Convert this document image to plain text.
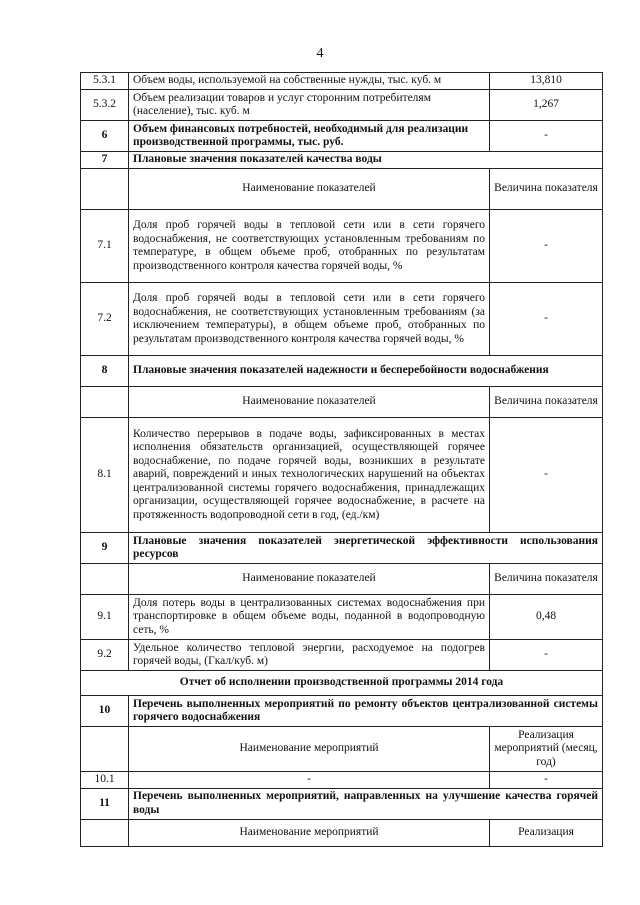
4
5.3.1	Объем воды, используемой на собственные нужды, тыс. куб. м	13,810
5.3.2	Объем реализации товаров и услуг сторонним потребителям (население), тыс. куб. м	1,267
6	Объем финансовых потребностей, необходимый для реализации производственной программы, тыс. руб.	-
7	Плановые значения показателей качества воды	
	Наименование показателей	Величина показателя
7.1	Доля проб горячей воды в тепловой сети или в сети горячего водоснабжения, не соответствующих установленным требованиям по температуре, в общем объеме проб, отобранных по результатам производственного контроля качества горячей воды, %	-
7.2	Доля проб горячей воды в тепловой сети или в сети горячего водоснабжения, не соответствующих установленным требованиям (за исключением температуры), в общем объеме проб, отобранных по результатам производственного контроля качества горячей воды, %	-
8	Плановые значения показателей надежности и бесперебойности водоснабжения	
	Наименование показателей	Величина показателя
8.1	Количество перерывов в подаче воды, зафиксированных в местах исполнения обязательств организацией, осуществляющей горячее водоснабжение, по подаче горячей воды, возникших в результате аварий, повреждений и иных технологических нарушений на объектах централизованной системы горячего водоснабжения, принадлежащих организации, осуществляющей горячее водоснабжение, в расчете на протяженность водопроводной сети в год, (ед./км)	-
9	Плановые значения показателей энергетической эффективности использования ресурсов	
	Наименование показателей	Величина показателя
9.1	Доля потерь воды в централизованных системах водоснабжения при транспортировке в общем объеме воды, поданной в водопроводную сеть, %	0,48
9.2	Удельное количество тепловой энергии, расходуемое на подогрев горячей воды, (Гкал/куб. м)	-
Отчет об исполнении производственной программы 2014 года		
10	Перечень выполненных мероприятий по ремонту объектов централизованной системы горячего водоснабжения	
	Наименование мероприятий	Реализация мероприятий (месяц, год)
10.1	-	-
11	Перечень выполненных мероприятий, направленных на улучшение качества горячей воды	
	Наименование мероприятий	Реализация
